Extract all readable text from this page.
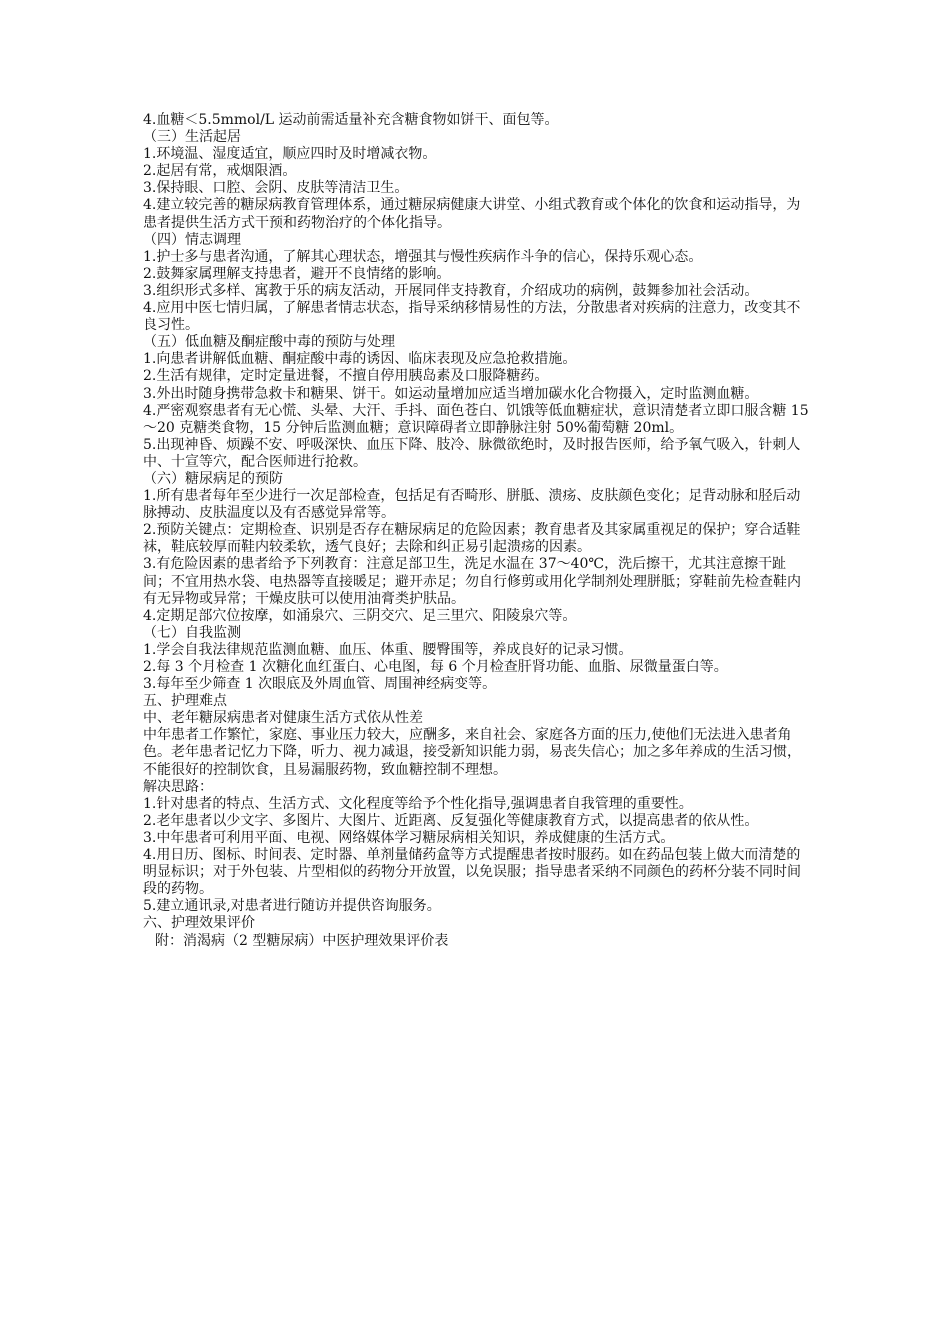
4.血糖＜5.5mmol/L 运动前需适量补充含糖食物如饼干、面包等。

（三）生活起居

1.环境温、湿度适宜，顺应四时及时增减衣物。

2.起居有常，戒烟限酒。

3.保持眼、口腔、会阴、皮肤等清洁卫生。

4.建立较完善的糖尿病教育管理体系，通过糖尿病健康大讲堂、小组式教育或个体化的饮食和运动指导，为患者提供生活方式干预和药物治疗的个体化指导。

（四）情志调理

1.护士多与患者沟通，了解其心理状态，增强其与慢性疾病作斗争的信心，保持乐观心态。

2.鼓舞家属理解支持患者，避开不良情绪的影响。

3.组织形式多样、寓教于乐的病友活动，开展同伴支持教育，介绍成功的病例，鼓舞参加社会活动。

4.应用中医七情归属，了解患者情志状态，指导采纳移情易性的方法，分散患者对疾病的注意力，改变其不良习性。

（五）低血糖及酮症酸中毒的预防与处理

1.向患者讲解低血糖、酮症酸中毒的诱因、临床表现及应急抢救措施。

2.生活有规律，定时定量进餐，不擅自停用胰岛素及口服降糖药。

3.外出时随身携带急救卡和糖果、饼干。如运动量增加应适当增加碳水化合物摄入，定时监测血糖。

4.严密观察患者有无心慌、头晕、大汗、手抖、面色苍白、饥饿等低血糖症状，意识清楚者立即口服含糖 15～20 克糖类食物，15 分钟后监测血糖；意识障碍者立即静脉注射 50%葡萄糖 20ml。

5.出现神昏、烦躁不安、呼吸深快、血压下降、肢冷、脉微欲绝时，及时报告医师，给予氧气吸入，针刺人中、十宣等穴，配合医师进行抢救。

（六）糖尿病足的预防

1.所有患者每年至少进行一次足部检查，包括足有否畸形、胼胝、溃疡、皮肤颜色变化；足背动脉和胫后动脉搏动、皮肤温度以及有否感觉异常等。

2.预防关键点：定期检查、识别是否存在糖尿病足的危险因素；教育患者及其家属重视足的保护；穿合适鞋袜，鞋底较厚而鞋内较柔软，透气良好；去除和纠正易引起溃疡的因素。

3.有危险因素的患者给予下列教育：注意足部卫生，洗足水温在 37～40℃，洗后擦干，尤其注意擦干趾间；不宜用热水袋、电热器等直接暖足；避开赤足；勿自行修剪或用化学制剂处理胼胝；穿鞋前先检查鞋内有无异物或异常；干燥皮肤可以使用油膏类护肤品。

4.定期足部穴位按摩，如涌泉穴、三阴交穴、足三里穴、阳陵泉穴等。

（七）自我监测

1.学会自我法律规范监测血糖、血压、体重、腰臀围等，养成良好的记录习惯。

2.每 3 个月检查 1 次糖化血红蛋白、心电图，每 6 个月检查肝肾功能、血脂、尿微量蛋白等。

3.每年至少筛查 1 次眼底及外周血管、周围神经病变等。

五、护理难点

中、老年糖尿病患者对健康生活方式依从性差

中年患者工作繁忙，家庭、事业压力较大，应酬多，来自社会、家庭各方面的压力,使他们无法进入患者角色。老年患者记忆力下降，听力、视力减退，接受新知识能力弱，易丧失信心；加之多年养成的生活习惯，不能很好的控制饮食，且易漏服药物，致血糖控制不理想。

解决思路：

1.针对患者的特点、生活方式、文化程度等给予个性化指导,强调患者自我管理的重要性。

2.老年患者以少文字、多图片、大图片、近距离、反复强化等健康教育方式，以提高患者的依从性。

3.中年患者可利用平面、电视、网络媒体学习糖尿病相关知识，养成健康的生活方式。

4.用日历、图标、时间表、定时器、单剂量储药盒等方式提醒患者按时服药。如在药品包装上做大而清楚的明显标识；对于外包装、片型相似的药物分开放置，以免误服；指导患者采纳不同颜色的药杯分装不同时间段的药物。

5.建立通讯录,对患者进行随访并提供咨询服务。

六、护理效果评价

附：消渴病（2 型糖尿病）中医护理效果评价表
